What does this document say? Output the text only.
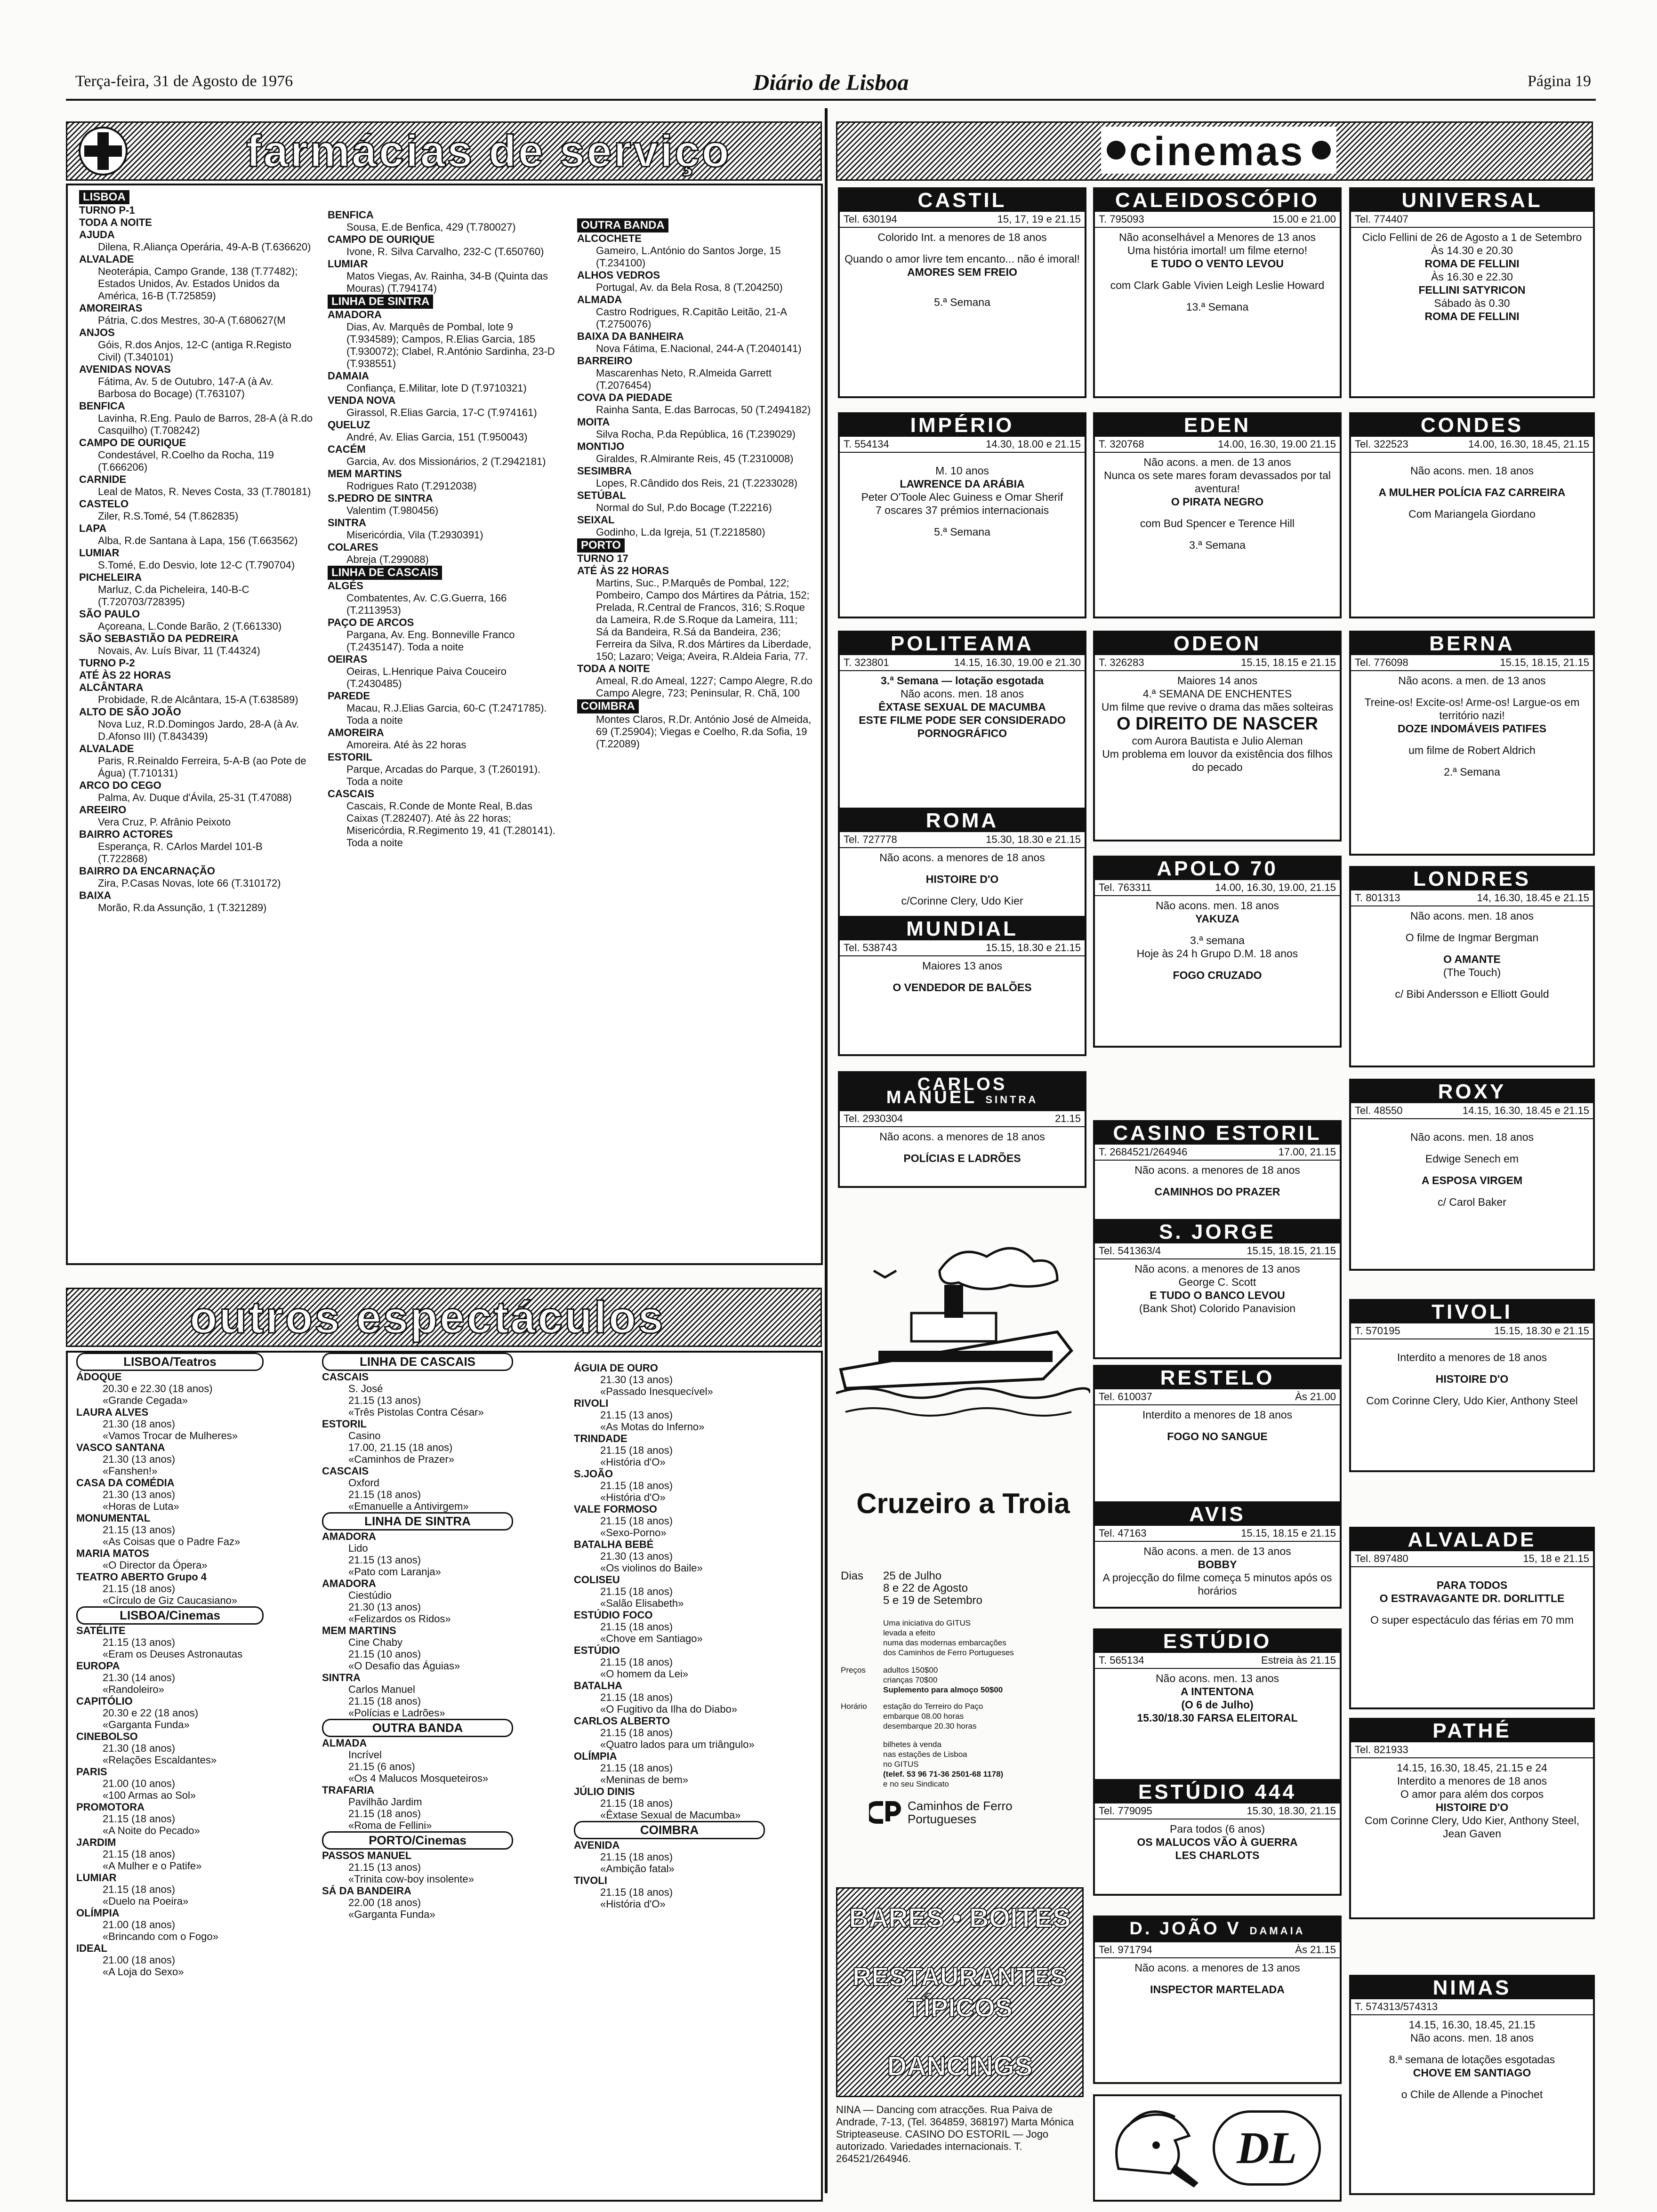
Terça-feira, 31 de Agosto de 1976	Diário de Lisboa	Página 19
farmácias de serviço
LISBOA
TURNO P-1
TODA A NOITE
AJUDA
Dilena, R.Aliança Operária, 49-A-B (T.636620)
ALVALADE
Neoterápia, Campo Grande, 138 (T.77482); Estados Unidos, Av. Estados Unidos da América, 16-B (T.725859)
AMOREIRAS
Pátria, C.dos Mestres, 30-A (T.680627(M
ANJOS
Góis, R.dos Anjos, 12-C (antiga R.Registo Civil) (T.340101)
AVENIDAS NOVAS
Fátima, Av. 5 de Outubro, 147-A (à Av. Barbosa do Bocage) (T.763107)
BENFICA
Lavinha, R.Eng. Paulo de Barros, 28-A (à R.do Casquilho) (T.708242)
CAMPO DE OURIQUE
Condestável, R.Coelho da Rocha, 119 (T.666206)
CARNIDE
Leal de Matos, R. Neves Costa, 33 (T.780181)
CASTELO
Ziler, R.S.Tomé, 54 (T.862835)
LAPA
Alba, R.de Santana à Lapa, 156 (T.663562)
LUMIAR
S.Tomé, E.do Desvio, lote 12-C (T.790704)
PICHELEIRA
Marluz, C.da Picheleira, 140-B-C (T.720703/728395)
SÃO PAULO
Açoreana, L.Conde Barão, 2 (T.661330)
SÃO SEBASTIÃO DA PEDREIRA
Novais, Av. Luís Bivar, 11 (T.44324)
TURNO P-2
ATÉ ÀS 22 HORAS
ALCÂNTARA
Probidade, R.de Alcântara, 15-A (T.638589)
ALTO DE SÃO JOÃO
Nova Luz, R.D.Domingos Jardo, 28-A (à Av. D.Afonso III) (T.843439)
ALVALADE
Paris, R.Reinaldo Ferreira, 5-A-B (ao Pote de Água) (T.710131)
ARCO DO CEGO
Palma, Av. Duque d'Ávila, 25-31 (T.47088)
AREEIRO
Vera Cruz, P. Afrânio Peixoto
BAIRRO ACTORES
Esperança, R. CArlos Mardel 101-B (T.722868)
BAIRRO DA ENCARNAÇÃO
Zira, P.Casas Novas, lote 66 (T.310172)
BAIXA
Morão, R.da Assunção, 1 (T.321289)
BENFICA
Sousa, E.de Benfica, 429 (T.780027)
CAMPO DE OURIQUE
Ivone, R. Silva Carvalho, 232-C (T.650760)
LUMIAR
Matos Viegas, Av. Rainha, 34-B (Quinta das Mouras) (T.794174)
LINHA DE SINTRA
AMADORA
Dias, Av. Marquês de Pombal, lote 9 (T.934589); Campos, R.Elias Garcia, 185 (T.930072); Clabel, R.António Sardinha, 23-D (T.938551)
DAMAIA
Confiança, E.Militar, lote D (T.9710321)
VENDA NOVA
Girassol, R.Elias Garcia, 17-C (T.974161)
QUELUZ
André, Av. Elias Garcia, 151 (T.950043)
CACÉM
Garcia, Av. dos Missionários, 2 (T.2942181)
MEM MARTINS
Rodrigues Rato (T.2912038)
S.PEDRO DE SINTRA
Valentim (T.980456)
SINTRA
Misericórdia, Vila (T.2930391)
COLARES
Abreja (T.299088)
LINHA DE CASCAIS
ALGÉS
Combatentes, Av. C.G.Guerra, 166 (T.2113953)
PAÇO DE ARCOS
Pargana, Av. Eng. Bonneville Franco (T.2435147). Toda a noite
OEIRAS
Oeiras, L.Henrique Paiva Couceiro (T.2430485)
PAREDE
Macau, R.J.Elias Garcia, 60-C (T.2471785). Toda a noite
AMOREIRA
Amoreira. Até às 22 horas
ESTORIL
Parque, Arcadas do Parque, 3 (T.260191). Toda a noite
CASCAIS
Cascais, R.Conde de Monte Real, B.das Caixas (T.282407). Até às 22 horas; Misericórdia, R.Regimento 19, 41 (T.280141). Toda a noite
OUTRA BANDA
ALCOCHETE
Gameiro, L.António do Santos Jorge, 15 (T.234100)
ALHOS VEDROS
Portugal, Av. da Bela Rosa, 8 (T.204250)
ALMADA
Castro Rodrigues, R.Capitão Leitão, 21-A (T.2750076)
BAIXA DA BANHEIRA
Nova Fátima, E.Nacional, 244-A (T.2040141)
BARREIRO
Mascarenhas Neto, R.Almeida Garrett (T.2076454)
COVA DA PIEDADE
Rainha Santa, E.das Barrocas, 50 (T.2494182)
MOITA
Silva Rocha, P.da República, 16 (T.239029)
MONTIJO
Giraldes, R.Almirante Reis, 45 (T.2310008)
SESIMBRA
Lopes, R.Cândido dos Reis, 21 (T.2233028)
SETÚBAL
Normal do Sul, P.do Bocage (T.22216)
SEIXAL
Godinho, L.da Igreja, 51 (T.2218580)
PORTO
TURNO 17
ATÉ ÀS 22 HORAS
Martins, Suc., P.Marquês de Pombal, 122; Pombeiro, Campo dos Mártires da Pátria, 152; Prelada, R.Central de Francos, 316; S.Roque da Lameira, R.de S.Roque da Lameira, 111; Sá da Bandeira, R.Sá da Bandeira, 236; Ferreira da Silva, R.dos Mártires da Liberdade, 150; Lazaro; Veiga; Aveira, R.Aldeia Faria, 77.
TODA A NOITE
Ameal, R.do Ameal, 1227; Campo Alegre, R.do Campo Alegre, 723; Peninsular, R. Chã, 100
COIMBRA
Montes Claros, R.Dr. António José de Almeida, 69 (T.25904); Viegas e Coelho, R.da Sofia, 19 (T.22089)
outros espectáculos
LISBOA/Teatros
ÁDOQUE
20.30 e 22.30 (18 anos)
«Grande Cegada»
LAURA ALVES
21.30 (18 anos)
«Vamos Trocar de Mulheres»
VASCO SANTANA
21.30 (13 anos)
«Fanshen!»
CASA DA COMÉDIA
21.30 (13 anos)
«Horas de Luta»
MONUMENTAL
21.15 (13 anos)
«As Coisas que o Padre Faz»
MARIA MATOS
«O Director da Ópera»
TEATRO ABERTO Grupo 4
21.15 (18 anos)
«Círculo de Giz Caucasiano»
LISBOA/Cinemas
SATÉLITE
21.15 (13 anos)
«Eram os Deuses Astronautas
EUROPA
21.30 (14 anos)
«Randoleiro»
CAPITÓLIO
20.30 e 22 (18 anos)
«Garganta Funda»
CINEBOLSO
21.30 (18 anos)
«Relações Escaldantes»
PARIS
21.00 (10 anos)
«100 Armas ao Sol»
PROMOTORA
21.15 (18 anos)
«A Noite do Pecado»
JARDIM
21.15 (18 anos)
«A Mulher e o Patife»
LUMIAR
21.15 (18 anos)
«Duelo na Poeira»
OLÍMPIA
21.00 (18 anos)
«Brincando com o Fogo»
IDEAL
21.00 (18 anos)
«A Loja do Sexo»
LINHA DE CASCAIS
CASCAIS
S. José
21.15 (13 anos)
«Três Pistolas Contra César»
ESTORIL
Casino
17.00, 21.15 (18 anos)
«Caminhos de Prazer»
CASCAIS
Oxford
21.15 (18 anos)
«Emanuelle a Antivirgem»
LINHA DE SINTRA
AMADORA
Lido
21.15 (13 anos)
«Pato com Laranja»
AMADORA
Ciestúdio
21.30 (13 anos)
«Felizardos os Ridos»
MEM MARTINS
Cine Chaby
21.15 (10 anos)
«O Desafio das Águias»
SINTRA
Carlos Manuel
21.15 (18 anos)
«Polícias e Ladrões»
OUTRA BANDA
ALMADA
Incrível
21.15 (6 anos)
«Os 4 Malucos Mosqueteiros»
TRAFARIA
Pavilhão Jardim
21.15 (18 anos)
«Roma de Fellini»
PORTO/Cinemas
PASSOS MANUEL
21.15 (13 anos)
«Trinita cow-boy insolente»
SÁ DA BANDEIRA
22.00 (18 anos)
«Garganta Funda»
ÁGUIA DE OURO
21.30 (13 anos)
«Passado Inesquecível»
RIVOLI
21.15 (13 anos)
«As Motas do Inferno»
TRINDADE
21.15 (18 anos)
«História d'O»
S.JOÃO
21.15 (18 anos)
«História d'O»
VALE FORMOSO
21.15 (18 anos)
«Sexo-Porno»
BATALHA BEBÉ
21.30 (13 anos)
«Os violinos do Baile»
COLISEU
21.15 (18 anos)
«Salão Elisabeth»
ESTÚDIO FOCO
21.15 (18 anos)
«Chove em Santiago»
ESTÚDIO
21.15 (18 anos)
«O homem da Lei»
BATALHA
21.15 (18 anos)
«O Fugitivo da Ilha do Diabo»
CARLOS ALBERTO
21.15 (18 anos)
«Quatro lados para um triângulo»
OLÍMPIA
21.15 (18 anos)
«Meninas de bem»
JÚLIO DINIS
21.15 (18 anos)
«Êxtase Sexual de Macumba»
COIMBRA
AVENIDA
21.15 (18 anos)
«Ambição fatal»
TIVOLI
21.15 (18 anos)
«História d'O»
cinemas
CASTIL
Tel. 630194	15, 17, 19 e 21.15
Colorido Int. a menores de 18 anos
Quando o amor livre tem encanto... não é imoral!
AMORES SEM FREIO
5.ª Semana
CALEIDOSCÓPIO
T. 795093	15.00 e 21.00
Não aconselhável a Menores de 13 anos
Uma história imortal! um filme eterno!
E TUDO O VENTO LEVOU
com Clark Gable Vivien Leigh Leslie Howard
13.ª Semana
UNIVERSAL
Tel. 774407
Ciclo Fellini de 26 de Agosto a 1 de Setembro
Às 14.30 e 20.30
ROMA DE FELLINI
Às 16.30 e 22.30
FELLINI SATYRICON
Sábado às 0.30
ROMA DE FELLINI
IMPÉRIO
T. 554134	14.30, 18.00 e 21.15
M. 10 anos
LAWRENCE DA ARÁBIA
Peter O'Toole Alec Guiness e Omar Sherif
7 oscares 37 prémios internacionais
5.ª Semana
EDEN
T. 320768	14.00, 16.30, 19.00 21.15
Não acons. a men. de 13 anos
Nunca os sete mares foram devassados por tal aventura!
O PIRATA NEGRO
com Bud Spencer e Terence Hill
3.ª Semana
CONDES
Tel. 322523	14.00, 16.30, 18.45, 21.15
Não acons. men. 18 anos
A MULHER POLÍCIA FAZ CARREIRA
Com Mariangela Giordano
POLITEAMA
T. 323801	14.15, 16.30, 19.00 e 21.30
3.ª Semana — lotação esgotada
Não acons. men. 18 anos
ÊXTASE SEXUAL DE MACUMBA
ESTE FILME PODE SER CONSIDERADO PORNOGRÁFICO
ODEON
T. 326283	15.15, 18.15 e 21.15
Maiores 14 anos
4.ª SEMANA DE ENCHENTES
Um filme que revive o drama das mães solteiras
O DIREITO DE NASCER
com Aurora Bautista e Julio Aleman
Um problema em louvor da existência dos filhos do pecado
BERNA
Tel. 776098	15.15, 18.15, 21.15
Não acons. a men. de 13 anos
Treine-os! Excite-os! Arme-os! Largue-os em território nazi!
DOZE INDOMÁVEIS PATIFES
um filme de Robert Aldrich
2.ª Semana
ROMA
Tel. 727778	15.30, 18.30 e 21.15
Não acons. a menores de 18 anos
HISTOIRE D'O
c/Corinne Clery, Udo Kier
APOLO 70
Tel. 763311	14.00, 16.30, 19.00, 21.15
Não acons. men. 18 anos
YAKUZA
3.ª semana
Hoje às 24 h Grupo D.M. 18 anos
FOGO CRUZADO
LONDRES
T. 801313	14, 16.30, 18.45 e 21.15
Não acons. men. 18 anos
O filme de Ingmar Bergman
O AMANTE
(The Touch)
c/ Bibi Andersson e Elliott Gould
MUNDIAL
Tel. 538743	15.15, 18.30 e 21.15
Maiores 13 anos
O VENDEDOR DE BALÕES
CARLOS MANUEL SINTRA
Tel. 2930304	21.15
Não acons. a menores de 18 anos
POLÍCIAS E LADRÕES
CASINO ESTORIL
T. 2684521/264946	17.00, 21.15
Não acons. a menores de 18 anos
CAMINHOS DO PRAZER
ROXY
Tel. 48550	14.15, 16.30, 18.45 e 21.15
Não acons. men. 18 anos
Edwige Senech em
A ESPOSA VIRGEM
c/ Carol Baker
S. JORGE
Tel. 541363/4	15.15, 18.15, 21.15
Não acons. a menores de 13 anos
George C. Scott
E TUDO O BANCO LEVOU
(Bank Shot) Colorido Panavision	TIVOLI
T. 570195	15.15, 18.30 e 21.15
Interdito a menores de 18 anos
HISTOIRE D'O
Com Corinne Clery, Udo Kier, Anthony Steel
RESTELO
Tel. 610037	Às 21.00
Interdito a menores de 18 anos
FOGO NO SANGUE
AVIS
Tel. 47163	15.15, 18.15 e 21.15
Não acons. a men. de 13 anos
BOBBY
A projecção do filme começa 5 minutos após os horários
ALVALADE
Tel. 897480	15, 18 e 21.15
PARA TODOS
O ESTRAVAGANTE DR. DORLITTLE
O super espectáculo das férias em 70 mm
ESTÚDIO
T. 565134	Estreia às 21.15
Não acons. men. 13 anos
A INTENTONA
(O 6 de Julho)
15.30/18.30 FARSA ELEITORAL
ESTÚDIO 444
Tel. 779095	15.30, 18.30, 21.15
Para todos (6 anos)
OS MALUCOS VÃO À GUERRA
LES CHARLOTS
PATHÉ
Tel. 821933
14.15, 16.30, 18.45, 21.15 e 24
Interdito a menores de 18 anos
O amor para além dos corpos
HISTOIRE D'O
Com Corinne Clery, Udo Kier, Anthony Steel, Jean Gaven
D. JOÃO V DAMAIA
Tel. 971794	Às 21.15
Não acons. a menores de 13 anos
INSPECTOR MARTELADA	NIMAS
T. 574313/574313
14.15, 16.30, 18.45, 21.15
Não acons. men. 18 anos
8.ª semana de lotações esgotadas
CHOVE EM SANTIAGO
o Chile de Allende a Pinochet
Cruzeiro a Troia
Dias	25 de Julho
8 e 22 de Agosto
5 e 19 de Setembro
Uma iniciativa do GITUS
levada a efeito
numa das modernas embarcações
dos Caminhos de Ferro Portugueses
Preços	adultos 150$00
crianças 70$00
Suplemento para almoço 50$00
Horário	estação do Terreiro do Paço
embarque 08.00 horas
desembarque 20.30 horas
bilhetes à venda
nas estações de Lisboa
no GITUS
(telef. 53 96 71-36 2501-68 1178)
e no seu Sindicato
Caminhos de Ferro Portugueses
BARES • BOITES
RESTAURANTES TÍPICOS
DANCINGS
NINA — Dancing com atracções. Rua Paiva de Andrade, 7-13, (Tel. 364859, 368197) Marta Mónica Stripteaseuse. CASINO DO ESTORIL — Jogo autorizado. Variedades internacionais. T. 264521/264946.	DL
